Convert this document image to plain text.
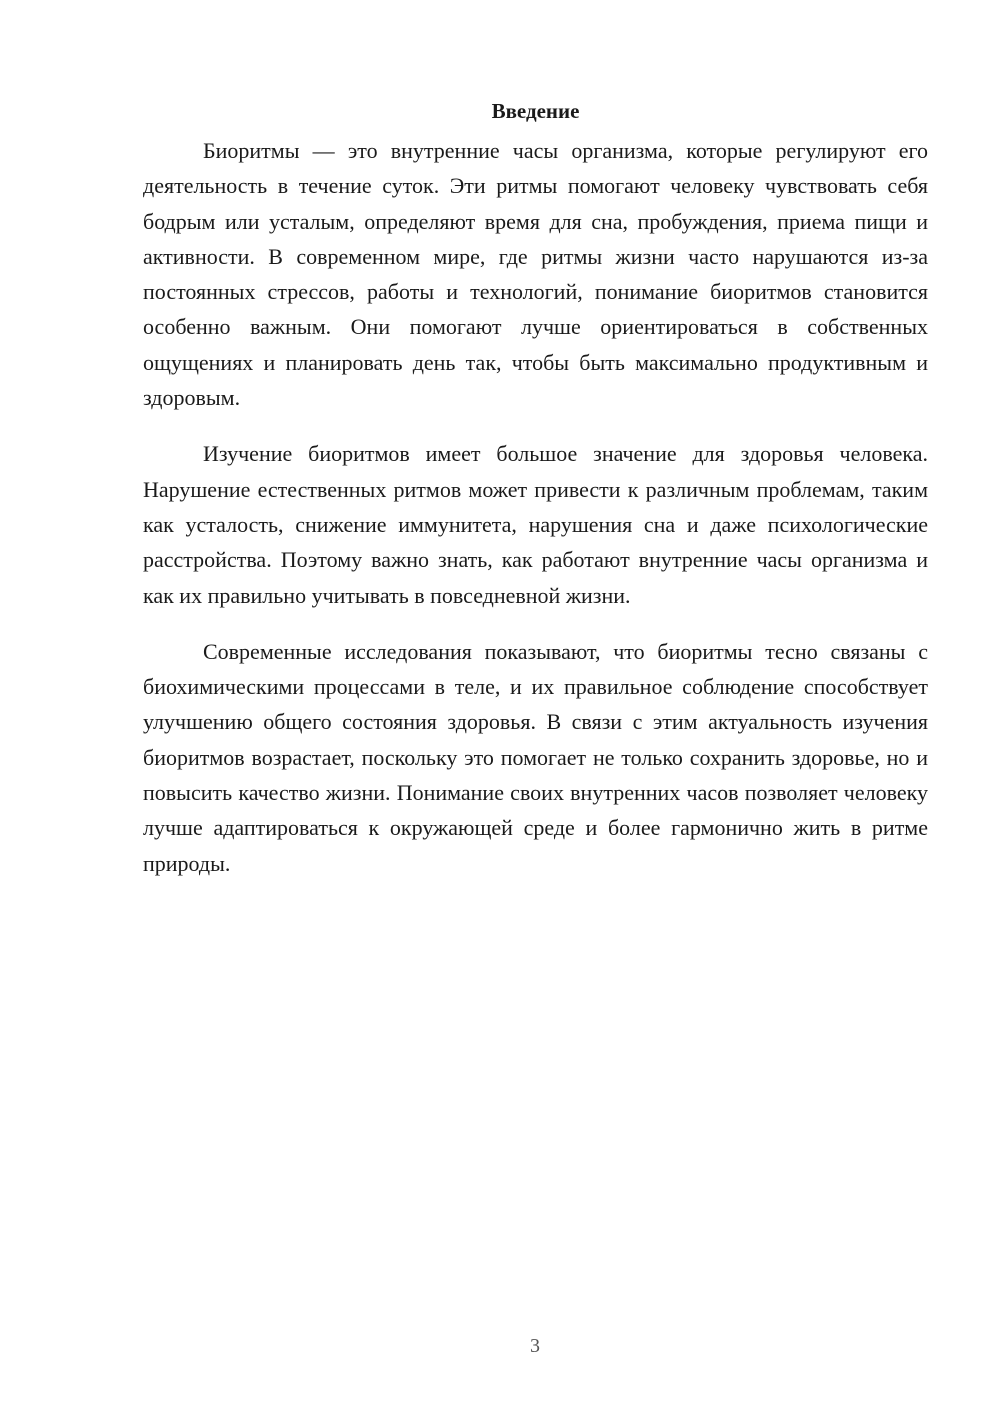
Введение

Биоритмы — это внутренние часы организма, которые регулируют его деятельность в течение суток. Эти ритмы помогают человеку чувствовать себя бодрым или усталым, определяют время для сна, пробуждения, приема пищи и активности. В современном мире, где ритмы жизни часто нарушаются из-за постоянных стрессов, работы и технологий, понимание биоритмов становится особенно важным. Они помогают лучше ориентироваться в собственных ощущениях и планировать день так, чтобы быть максимально продуктивным и здоровым.

Изучение биоритмов имеет большое значение для здоровья человека. Нарушение естественных ритмов может привести к различным проблемам, таким как усталость, снижение иммунитета, нарушения сна и даже психологические расстройства. Поэтому важно знать, как работают внутренние часы организма и как их правильно учитывать в повседневной жизни.

Современные исследования показывают, что биоритмы тесно связаны с биохимическими процессами в теле, и их правильное соблюдение способствует улучшению общего состояния здоровья. В связи с этим актуальность изучения биоритмов возрастает, поскольку это помогает не только сохранить здоровье, но и повысить качество жизни. Понимание своих внутренних часов позволяет человеку лучше адаптироваться к окружающей среде и более гармонично жить в ритме природы.

3
